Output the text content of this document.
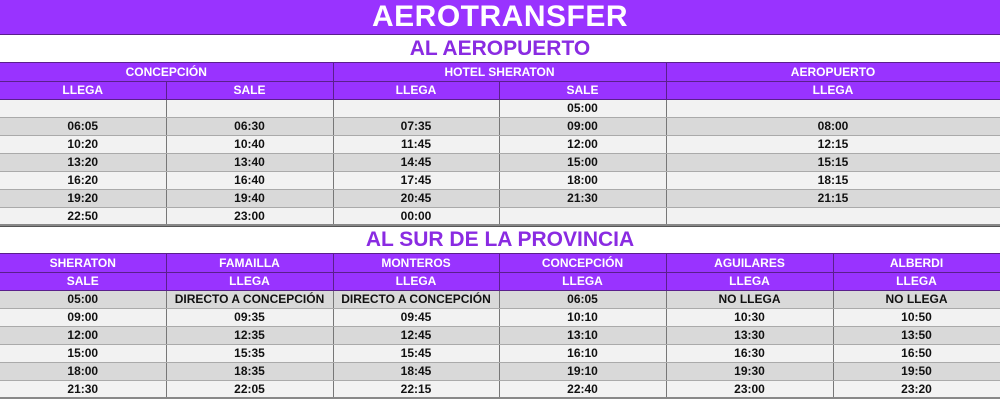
AEROTRANSFER
AL AEROPUERTO
CONCEPCIÓN		HOTEL SHERATON		AEROPUERTO
LLEGA	SALE	LLEGA	SALE	LLEGA
			05:00	
06:05	06:30	07:35	09:00	08:00
10:20	10:40	11:45	12:00	12:15
13:20	13:40	14:45	15:00	15:15
16:20	16:40	17:45	18:00	18:15
19:20	19:40	20:45	21:30	21:15
22:50	23:00	00:00		
AL SUR DE LA PROVINCIA
SHERATON	FAMAILLA	MONTEROS	CONCEPCIÓN	AGUILARES	ALBERDI
SALE	LLEGA	LLEGA	LLEGA	LLEGA	LLEGA
05:00	DIRECTO A CONCEPCIÓN	DIRECTO A CONCEPCIÓN	06:05	NO LLEGA	NO LLEGA
09:00	09:35	09:45	10:10	10:30	10:50
12:00	12:35	12:45	13:10	13:30	13:50
15:00	15:35	15:45	16:10	16:30	16:50
18:00	18:35	18:45	19:10	19:30	19:50
21:30	22:05	22:15	22:40	23:00	23:20
